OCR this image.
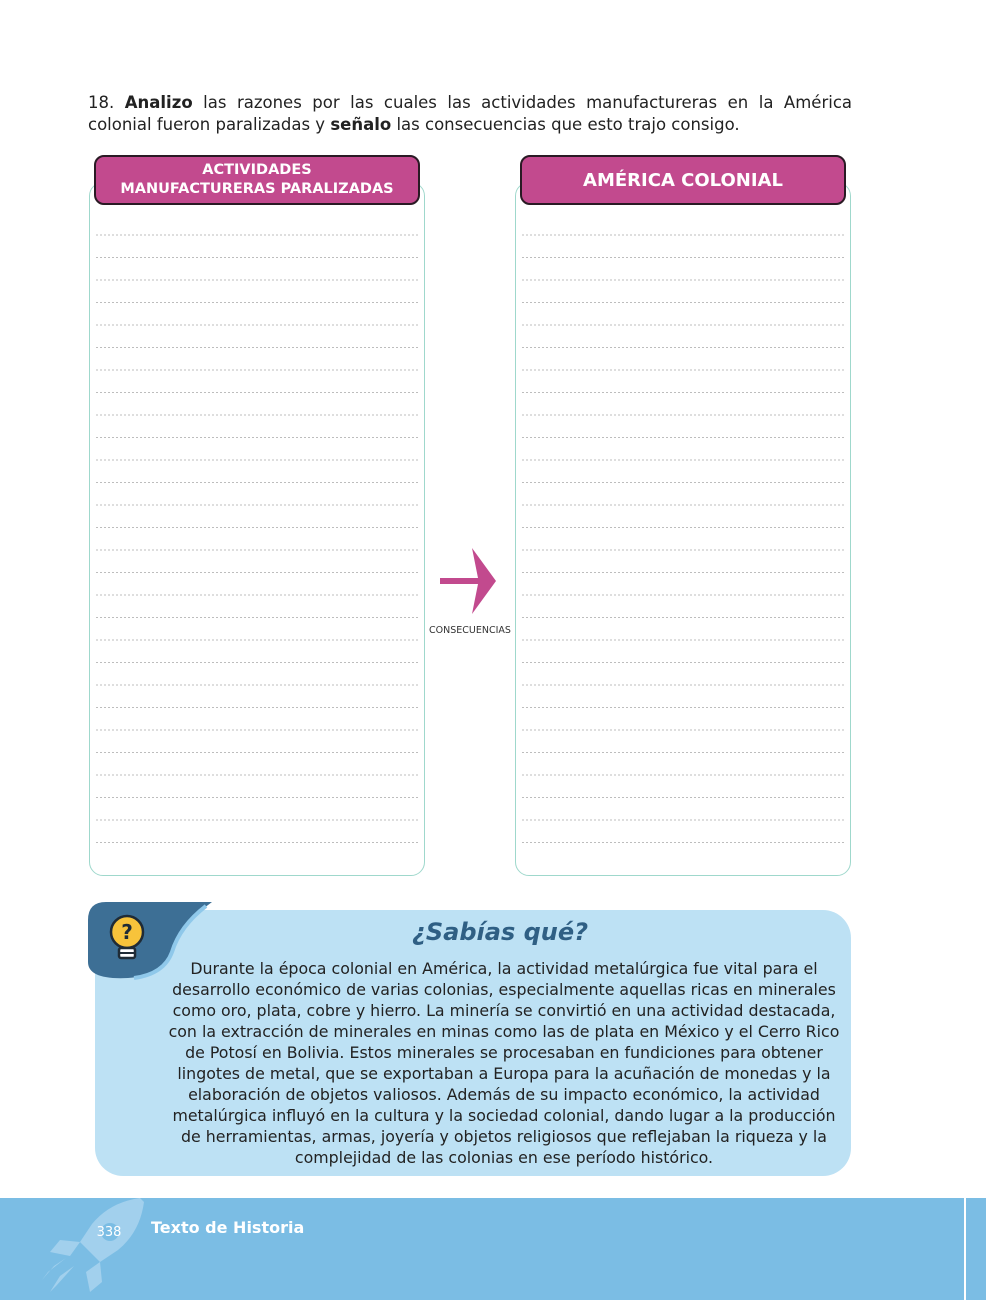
18. Analizo las razones por las cuales las actividades manufactureras en la América colonial fueron paralizadas y señalo las consecuencias que esto trajo consigo.
ACTIVIDADES
MANUFACTURERAS PARALIZADAS	AMÉRICA COLONIAL
CONSECUENCIAS
?	¿Sabías qué?
Durante la época colonial en América, la actividad metalúrgica fue vital para el desarrollo económico de varias colonias, especialmente aquellas ricas en minerales como oro, plata, cobre y hierro. La minería se convirtió en una actividad destacada, con la extracción de minerales en minas como las de plata en México y el Cerro Rico de Potosí en Bolivia. Estos minerales se procesaban en fundiciones para obtener lingotes de metal, que se exportaban a Europa para la acuñación de monedas y la elaboración de objetos valiosos. Además de su impacto económico, la actividad metalúrgica influyó en la cultura y la sociedad colonial, dando lugar a la producción de herramientas, armas, joyería y objetos religiosos que reflejaban la riqueza y la complejidad de las colonias en ese período histórico.
338 Texto de Historia
